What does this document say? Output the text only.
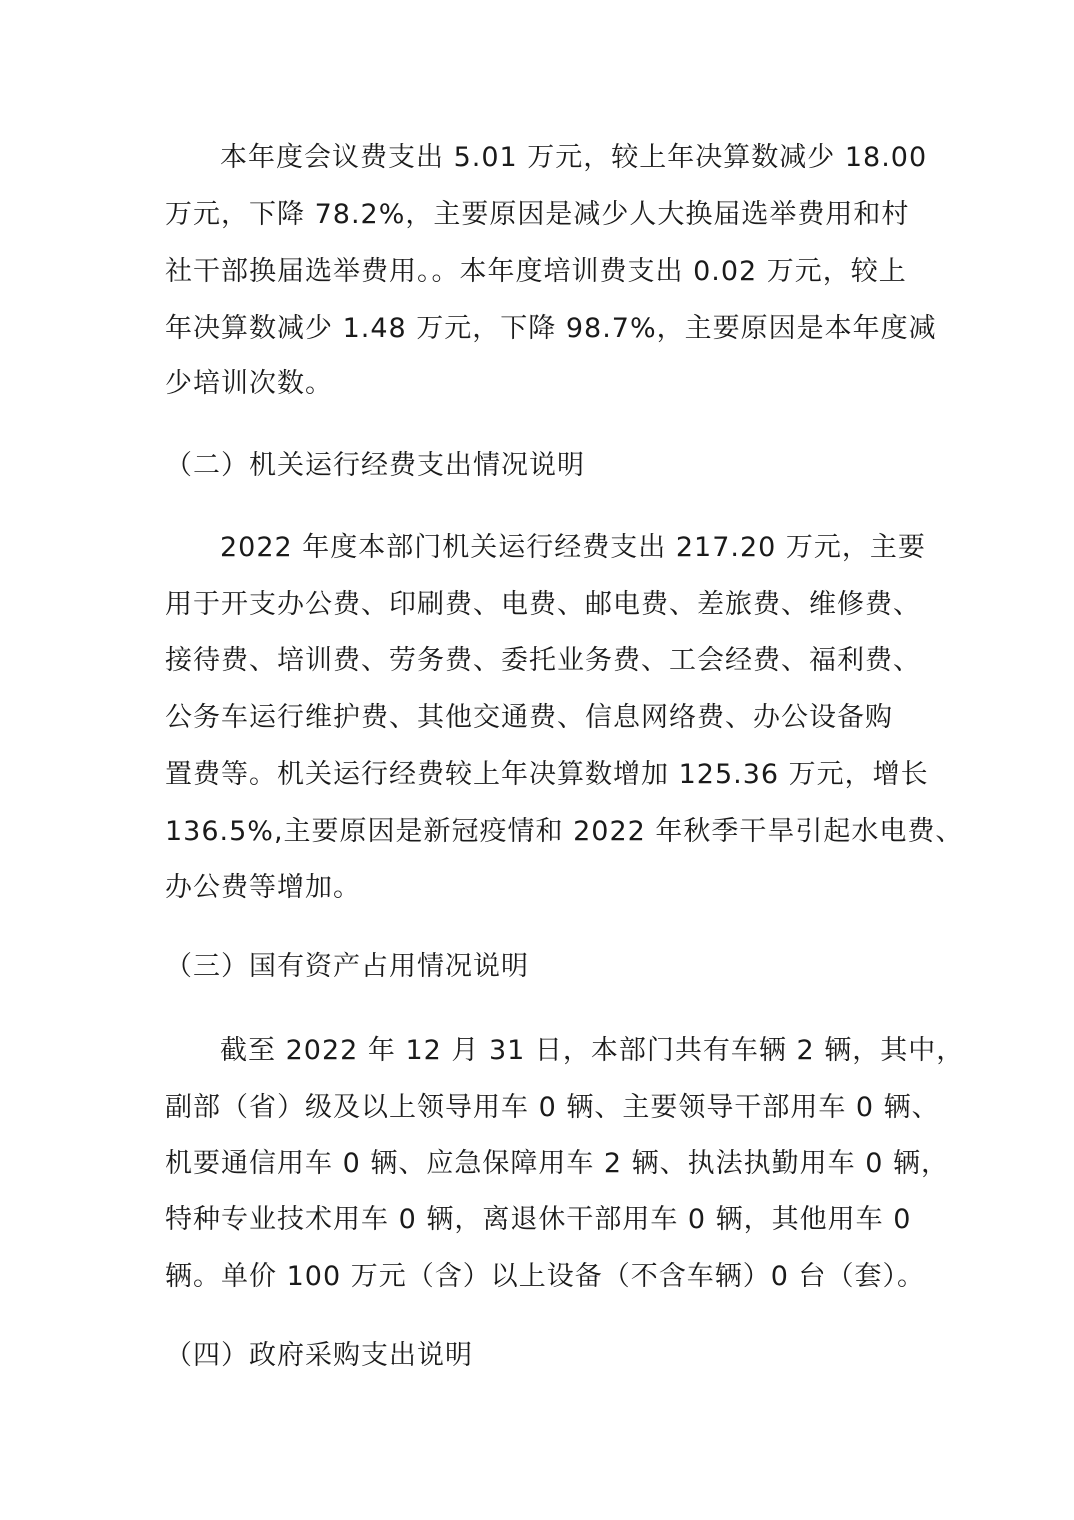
本年度会议费支出 5.01 万元，较上年决算数减少 18.00
万元，下降 78.2%，主要原因是减少人大换届选举费用和村
社干部换届选举费用。。本年度培训费支出 0.02 万元，较上
年决算数减少 1.48 万元，下降 98.7%，主要原因是本年度减
少培训次数。
（二）机关运行经费支出情况说明
2022 年度本部门机关运行经费支出 217.20 万元，主要
用于开支办公费、印刷费、电费、邮电费、差旅费、维修费、
接待费、培训费、劳务费、委托业务费、工会经费、福利费、
公务车运行维护费、其他交通费、信息网络费、办公设备购
置费等。机关运行经费较上年决算数增加 125.36 万元，增长
136.5%,主要原因是新冠疫情和 2022 年秋季干旱引起水电费、
办公费等增加。
（三）国有资产占用情况说明
截至 2022 年 12 月 31 日，本部门共有车辆 2 辆，其中，
副部（省）级及以上领导用车 0 辆、主要领导干部用车 0 辆、
机要通信用车 0 辆、应急保障用车 2 辆、执法执勤用车 0 辆，
特种专业技术用车 0 辆，离退休干部用车 0 辆，其他用车 0
辆。单价 100 万元（含）以上设备（不含车辆）0 台（套）。
（四）政府采购支出说明
